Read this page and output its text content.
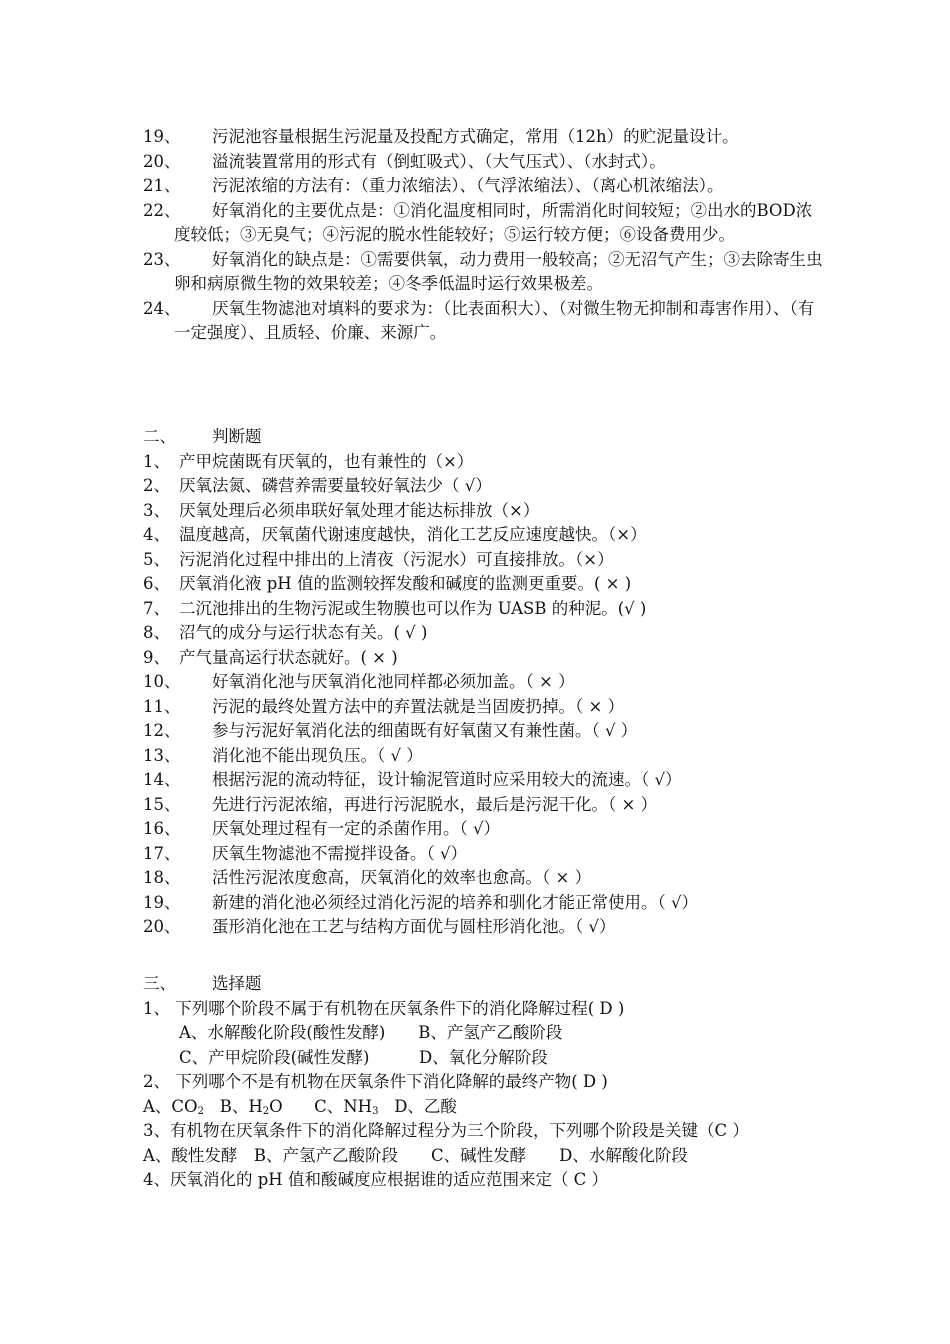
19、 污泥池容量根据生污泥量及投配方式确定，常用（12h）的贮泥量设计。
20、 溢流装置常用的形式有（倒虹吸式）、（大气压式）、（水封式）。
21、 污泥浓缩的方法有：（重力浓缩法）、（气浮浓缩法）、（离心机浓缩法）。
22、 好氧消化的主要优点是：①消化温度相同时，所需消化时间较短；②出水的BOD浓度较低；③无臭气；④污泥的脱水性能较好；⑤运行较方便；⑥设备费用少。
23、 好氧消化的缺点是：①需要供氧，动力费用一般较高；②无沼气产生；③去除寄生虫卵和病原微生物的效果较差；④冬季低温时运行效果极差。
24、 厌氧生物滤池对填料的要求为：（比表面积大）、（对微生物无抑制和毒害作用）、（有一定强度）、且质轻、价廉、来源广。
二、 判断题
1、 产甲烷菌既有厌氧的，也有兼性的（×）
2、 厌氧法氮、磷营养需要量较好氧法少（ √）
3、 厌氧处理后必须串联好氧处理才能达标排放（×）
4、 温度越高，厌氧菌代谢速度越快，消化工艺反应速度越快。（×）
5、 污泥消化过程中排出的上清夜（污泥水）可直接排放。（×）
6、 厌氧消化液 pH 值的监测较挥发酸和碱度的监测更重要。( × )
7、 二沉池排出的生物污泥或生物膜也可以作为 UASB 的种泥。(√ )
8、 沼气的成分与运行状态有关。( √ )
9、 产气量高运行状态就好。( × )
10、 好氧消化池与厌氧消化池同样都必须加盖。（ × ）
11、 污泥的最终处置方法中的弃置法就是当固废扔掉。（ × ）
12、 参与污泥好氧消化法的细菌既有好氧菌又有兼性菌。（ √ ）
13、 消化池不能出现负压。（ √ ）
14、 根据污泥的流动特征，设计输泥管道时应采用较大的流速。（ √）
15、 先进行污泥浓缩，再进行污泥脱水，最后是污泥干化。（ × ）
16、 厌氧处理过程有一定的杀菌作用。（ √）
17、 厌氧生物滤池不需搅拌设备。（ √）
18、 活性污泥浓度愈高，厌氧消化的效率也愈高。（ × ）
19、 新建的消化池必须经过消化污泥的培养和驯化才能正常使用。（ √）
20、 蛋形消化池在工艺与结构方面优与圆柱形消化池。（ √）
三、 选择题
1、 下列哪个阶段不属于有机物在厌氧条件下的消化降解过程( D )
A、水解酸化阶段(酸性发酵)　　B、产氢产乙酸阶段
C、产甲烷阶段(碱性发酵)　　　D、氧化分解阶段
2、 下列哪个不是有机物在厌氧条件下消化降解的最终产物( D )
A、$CO_2$ B、$H_2O$ C、$NH_3$ D、乙酸
3、有机物在厌氧条件下的消化降解过程分为三个阶段，下列哪个阶段是关键（C ）
A、酸性发酵　B、产氢产乙酸阶段　　C、碱性发酵　　D、水解酸化阶段
4、厌氧消化的 pH 值和酸碱度应根据谁的适应范围来定（ C ）
